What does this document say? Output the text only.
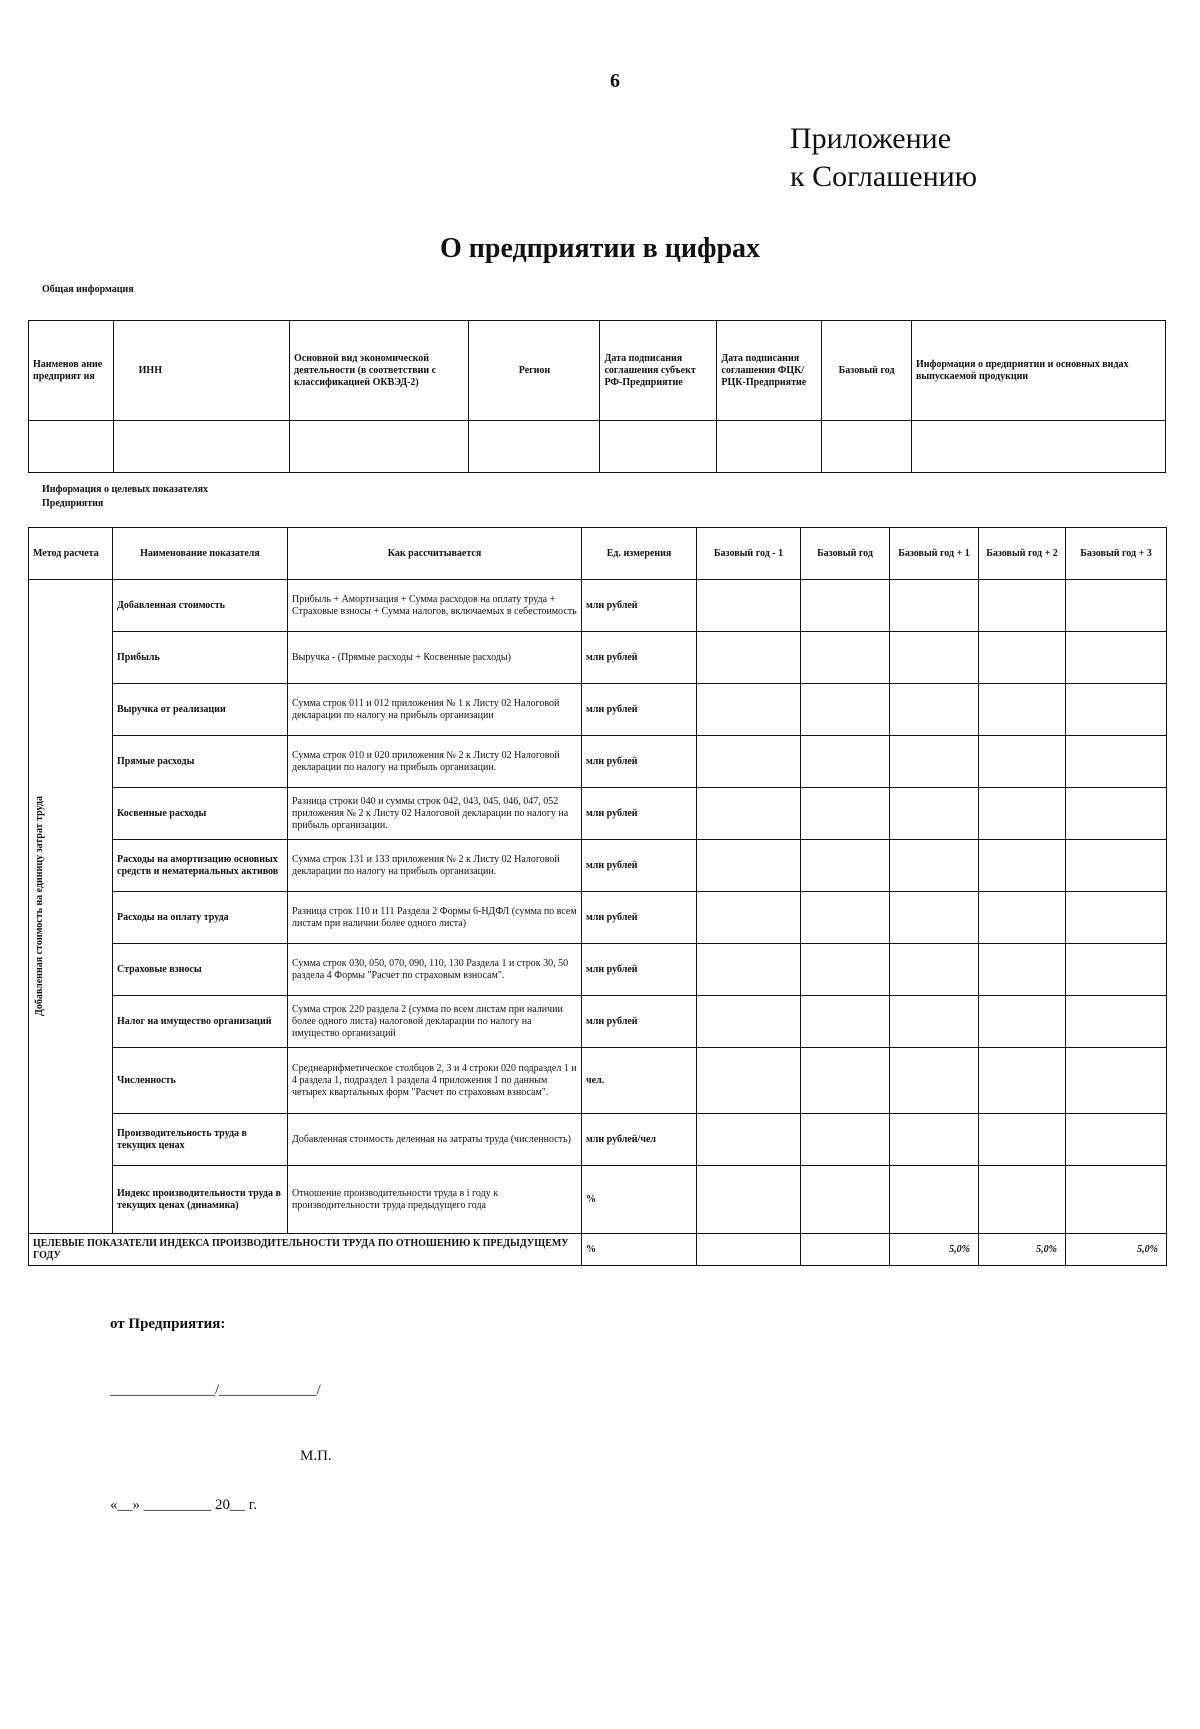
6
Приложение
к Соглашению
О предприятии в цифрах
Общая информация
Наименов ание предприят ия	ИНН	Основной вид экономической деятельности (в соответствии с классификацией ОКВЭД-2)	Регион	Дата подписания соглашения субъект РФ-Предприятие	Дата подписания соглашения ФЦК/РЦК-Предприятие	Базовый год	Информация о предприятии и основных видах выпускаемой продукции

Информация о целевых показателях
Предприятия
Метод расчета	Наименование показателя	Как рассчитывается	Ед. измерения	Базовый год - 1	Базовый год	Базовый год + 1	Базовый год + 2	Базовый год + 3

Добавленная стоимость на единицу затрат труда	Добавленная стоимость	Прибыль + Амортизация + Сумма расходов на оплату труда + Страховые взносы + Сумма налогов, включаемых в себестоимость	млн рублей					
	Прибыль	Выручка - (Прямые расходы + Косвенные расходы)	млн рублей					
	Выручка от реализации	Сумма строк 011 и 012 приложения № 1 к Листу 02 Налоговой декларации по налогу на прибыль организации	млн рублей					
	Прямые расходы	Сумма строк 010 и 020 приложения № 2 к Листу 02 Налоговой декларации по налогу на прибыль организации.	млн рублей					
	Косвенные расходы	Разница строки 040 и суммы строк 042, 043, 045, 046, 047, 052 приложения № 2 к Листу 02 Налоговой декларации по налогу на прибыль организации.	млн рублей					
	Расходы на амортизацию основных средств и нематериальных активов	Сумма строк 131 и 133 приложения № 2 к Листу 02 Налоговой декларации по налогу на прибыль организации.	млн рублей					
	Расходы на оплату труда	Разница строк 110 и 111 Раздела 2 Формы 6-НДФЛ (сумма по всем листам при наличии более одного листа)	млн рублей					
	Страховые взносы	Сумма строк 030, 050, 070, 090, 110, 130 Раздела 1 и строк 30, 50 раздела 4 Формы "Расчет по страховым взносам".	млн рублей					
	Налог на имущество организаций	Сумма строк 220 раздела 2 (сумма по всем листам при наличии более одного листа) налоговой декларации по налогу на имущество организаций	млн рублей					
	Численность	Среднеарифметическое столбцов 2, 3 и 4 строки 020 подраздел 1 и 4 раздела 1, подраздел 1 раздела 4 приложения 1 по данным четырех квартальных форм "Расчет по страховым взносам".	чел.					
	Производительность труда в текущих ценах	Добавленная стоимость деленная на затраты труда (численность)	млн рублей/чел					
	Индекс производительности труда в текущих ценах (динамика)	Отношение производительности труда в i году к производительности труда предыдущего года	%					
ЦЕЛЕВЫЕ ПОКАЗАТЕЛИ ИНДЕКСА ПРОИЗВОДИТЕЛЬНОСТИ ТРУДА ПО ОТНОШЕНИЮ К ПРЕДЫДУЩЕМУ ГОДУ			%			5,0%	5,0%	5,0%
от Предприятия:
______________/_____________/
М.П.
«__» _________ 20__ г.
